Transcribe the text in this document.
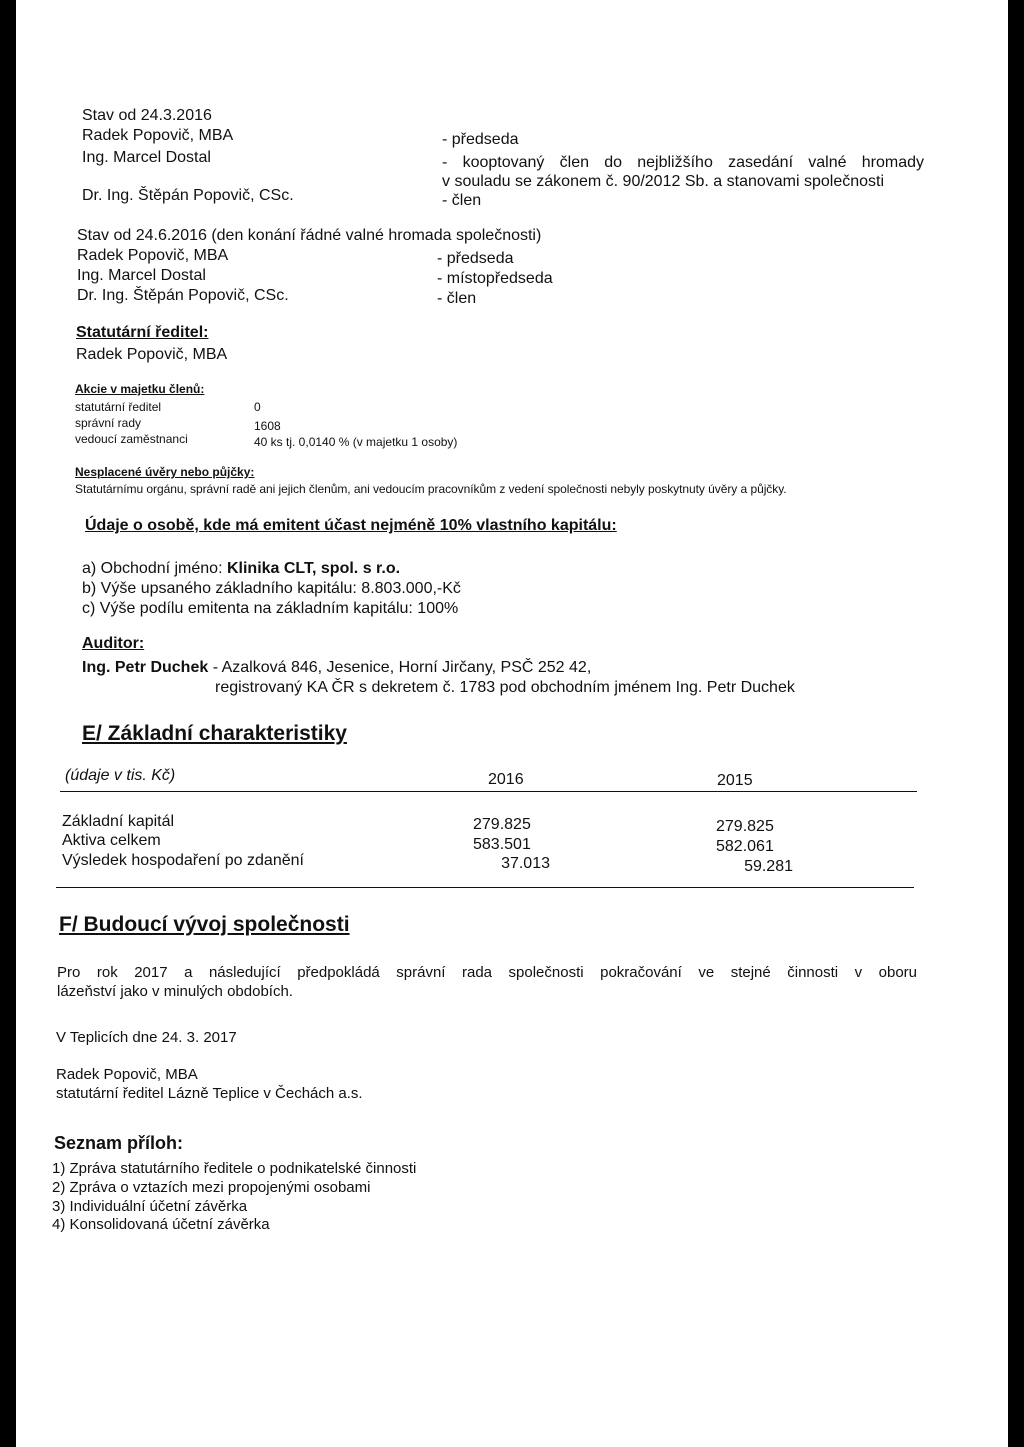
Stav od 24.3.2016
Radek Popovič, MBA	- předseda
Ing. Marcel Dostal	- kooptovaný člen do nejbližšího zasedání valné hromady
v souladu se zákonem č. 90/2012 Sb. a stanovami společnosti
Dr. Ing. Štěpán Popovič, CSc.	- člen
Stav od 24.6.2016 (den konání řádné valné hromada společnosti)
Radek Popovič, MBA	- předseda
Ing. Marcel Dostal	- místopředseda
Dr. Ing. Štěpán Popovič, CSc.	- člen
Statutární ředitel:
Radek Popovič, MBA
Akcie v majetku členů:
statutární ředitel	0
správní rady	1608
vedoucí zaměstnanci	40 ks tj. 0,0140 % (v majetku 1 osoby)
Nesplacené úvěry nebo půjčky:
Statutárnímu orgánu, správní radě ani jejich členům, ani vedoucím pracovníkům z vedení společnosti nebyly poskytnuty úvěry a půjčky.
Údaje o osobě, kde má emitent účast nejméně 10% vlastního kapitálu:
a) Obchodní jméno: Klinika CLT, spol. s r.o.
b) Výše upsaného základního kapitálu: 8.803.000,-Kč
c) Výše podílu emitenta na základním kapitálu: 100%
Auditor:
Ing. Petr Duchek - Azalková 846, Jesenice, Horní Jirčany, PSČ 252 42,
registrovaný KA ČR s dekretem č. 1783 pod obchodním jménem Ing. Petr Duchek
E/ Základní charakteristiky
(údaje v tis. Kč)	2016	2015
Základní kapitál	279.825	279.825
Aktiva celkem	583.501	582.061
Výsledek hospodaření po zdanění	37.013	59.281
F/ Budoucí vývoj společnosti
Pro rok 2017 a následující předpokládá správní rada společnosti pokračování ve stejné činnosti v oboru
lázeňství jako v minulých obdobích.
V Teplicích dne 24. 3. 2017
Radek Popovič, MBA
statutární ředitel Lázně Teplice v Čechách a.s.
Seznam příloh:
1) Zpráva statutárního ředitele o podnikatelské činnosti
2) Zpráva o vztazích mezi propojenými osobami
3) Individuální účetní závěrka
4) Konsolidovaná účetní závěrka
